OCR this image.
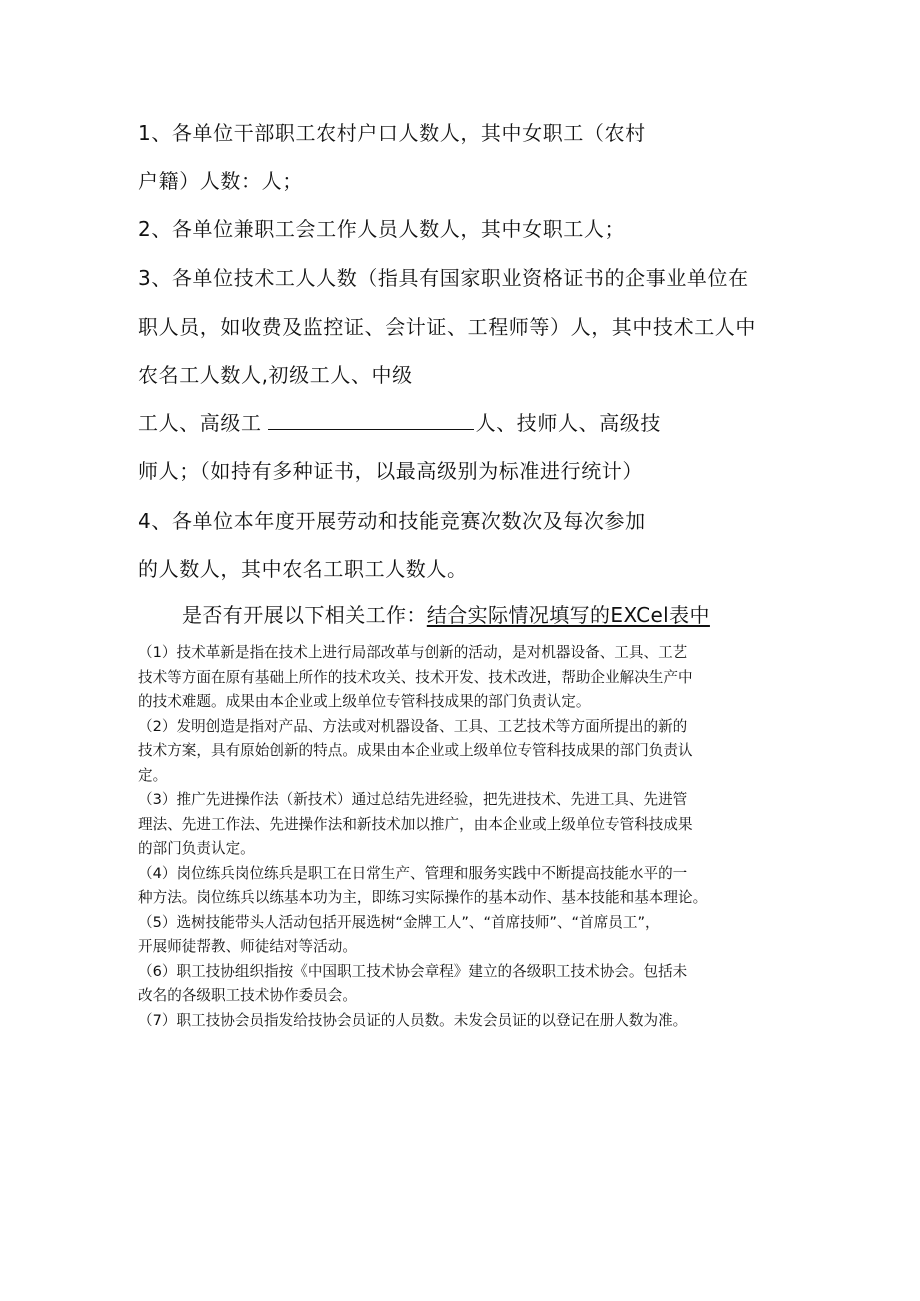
1、各单位干部职工农村户口人数人，其中女职工（农村
户籍）人数：人；
2、各单位兼职工会工作人员人数人，其中女职工人；
3、各单位技术工人人数（指具有国家职业资格证书的企事业单位在
职人员，如收费及监控证、会计证、工程师等）人，其中技术工人中
农名工人数人,初级工人、中级
工人、高级工	人、技师人、高级技
师人；（如持有多种证书，以最高级别为标准进行统计）
4、各单位本年度开展劳动和技能竞赛次数次及每次参加
的人数人，其中农名工职工人数人。
是否有开展以下相关工作：结合实际情况填写的EXCel表中
（1）技术革新是指在技术上进行局部改革与创新的活动，是对机器设备、工具、工艺
技术等方面在原有基础上所作的技术攻关、技术开发、技术改进，帮助企业解决生产中
的技术难题。成果由本企业或上级单位专管科技成果的部门负责认定。
（2）发明创造是指对产品、方法或对机器设备、工具、工艺技术等方面所提出的新的
技术方案，具有原始创新的特点。成果由本企业或上级单位专管科技成果的部门负责认
定。
（3）推广先进操作法（新技术）通过总结先进经验，把先进技术、先进工具、先进管
理法、先进工作法、先进操作法和新技术加以推广，由本企业或上级单位专管科技成果
的部门负责认定。
（4）岗位练兵岗位练兵是职工在日常生产、管理和服务实践中不断提高技能水平的一
种方法。岗位练兵以练基本功为主，即练习实际操作的基本动作、基本技能和基本理论。
（5）选树技能带头人活动包括开展选树“金牌工人”、“首席技师”、“首席员工”，
开展师徒帮教、师徒结对等活动。
（6）职工技协组织指按《中国职工技术协会章程》建立的各级职工技术协会。包括未
改名的各级职工技术协作委员会。
（7）职工技协会员指发给技协会员证的人员数。未发会员证的以登记在册人数为准。
